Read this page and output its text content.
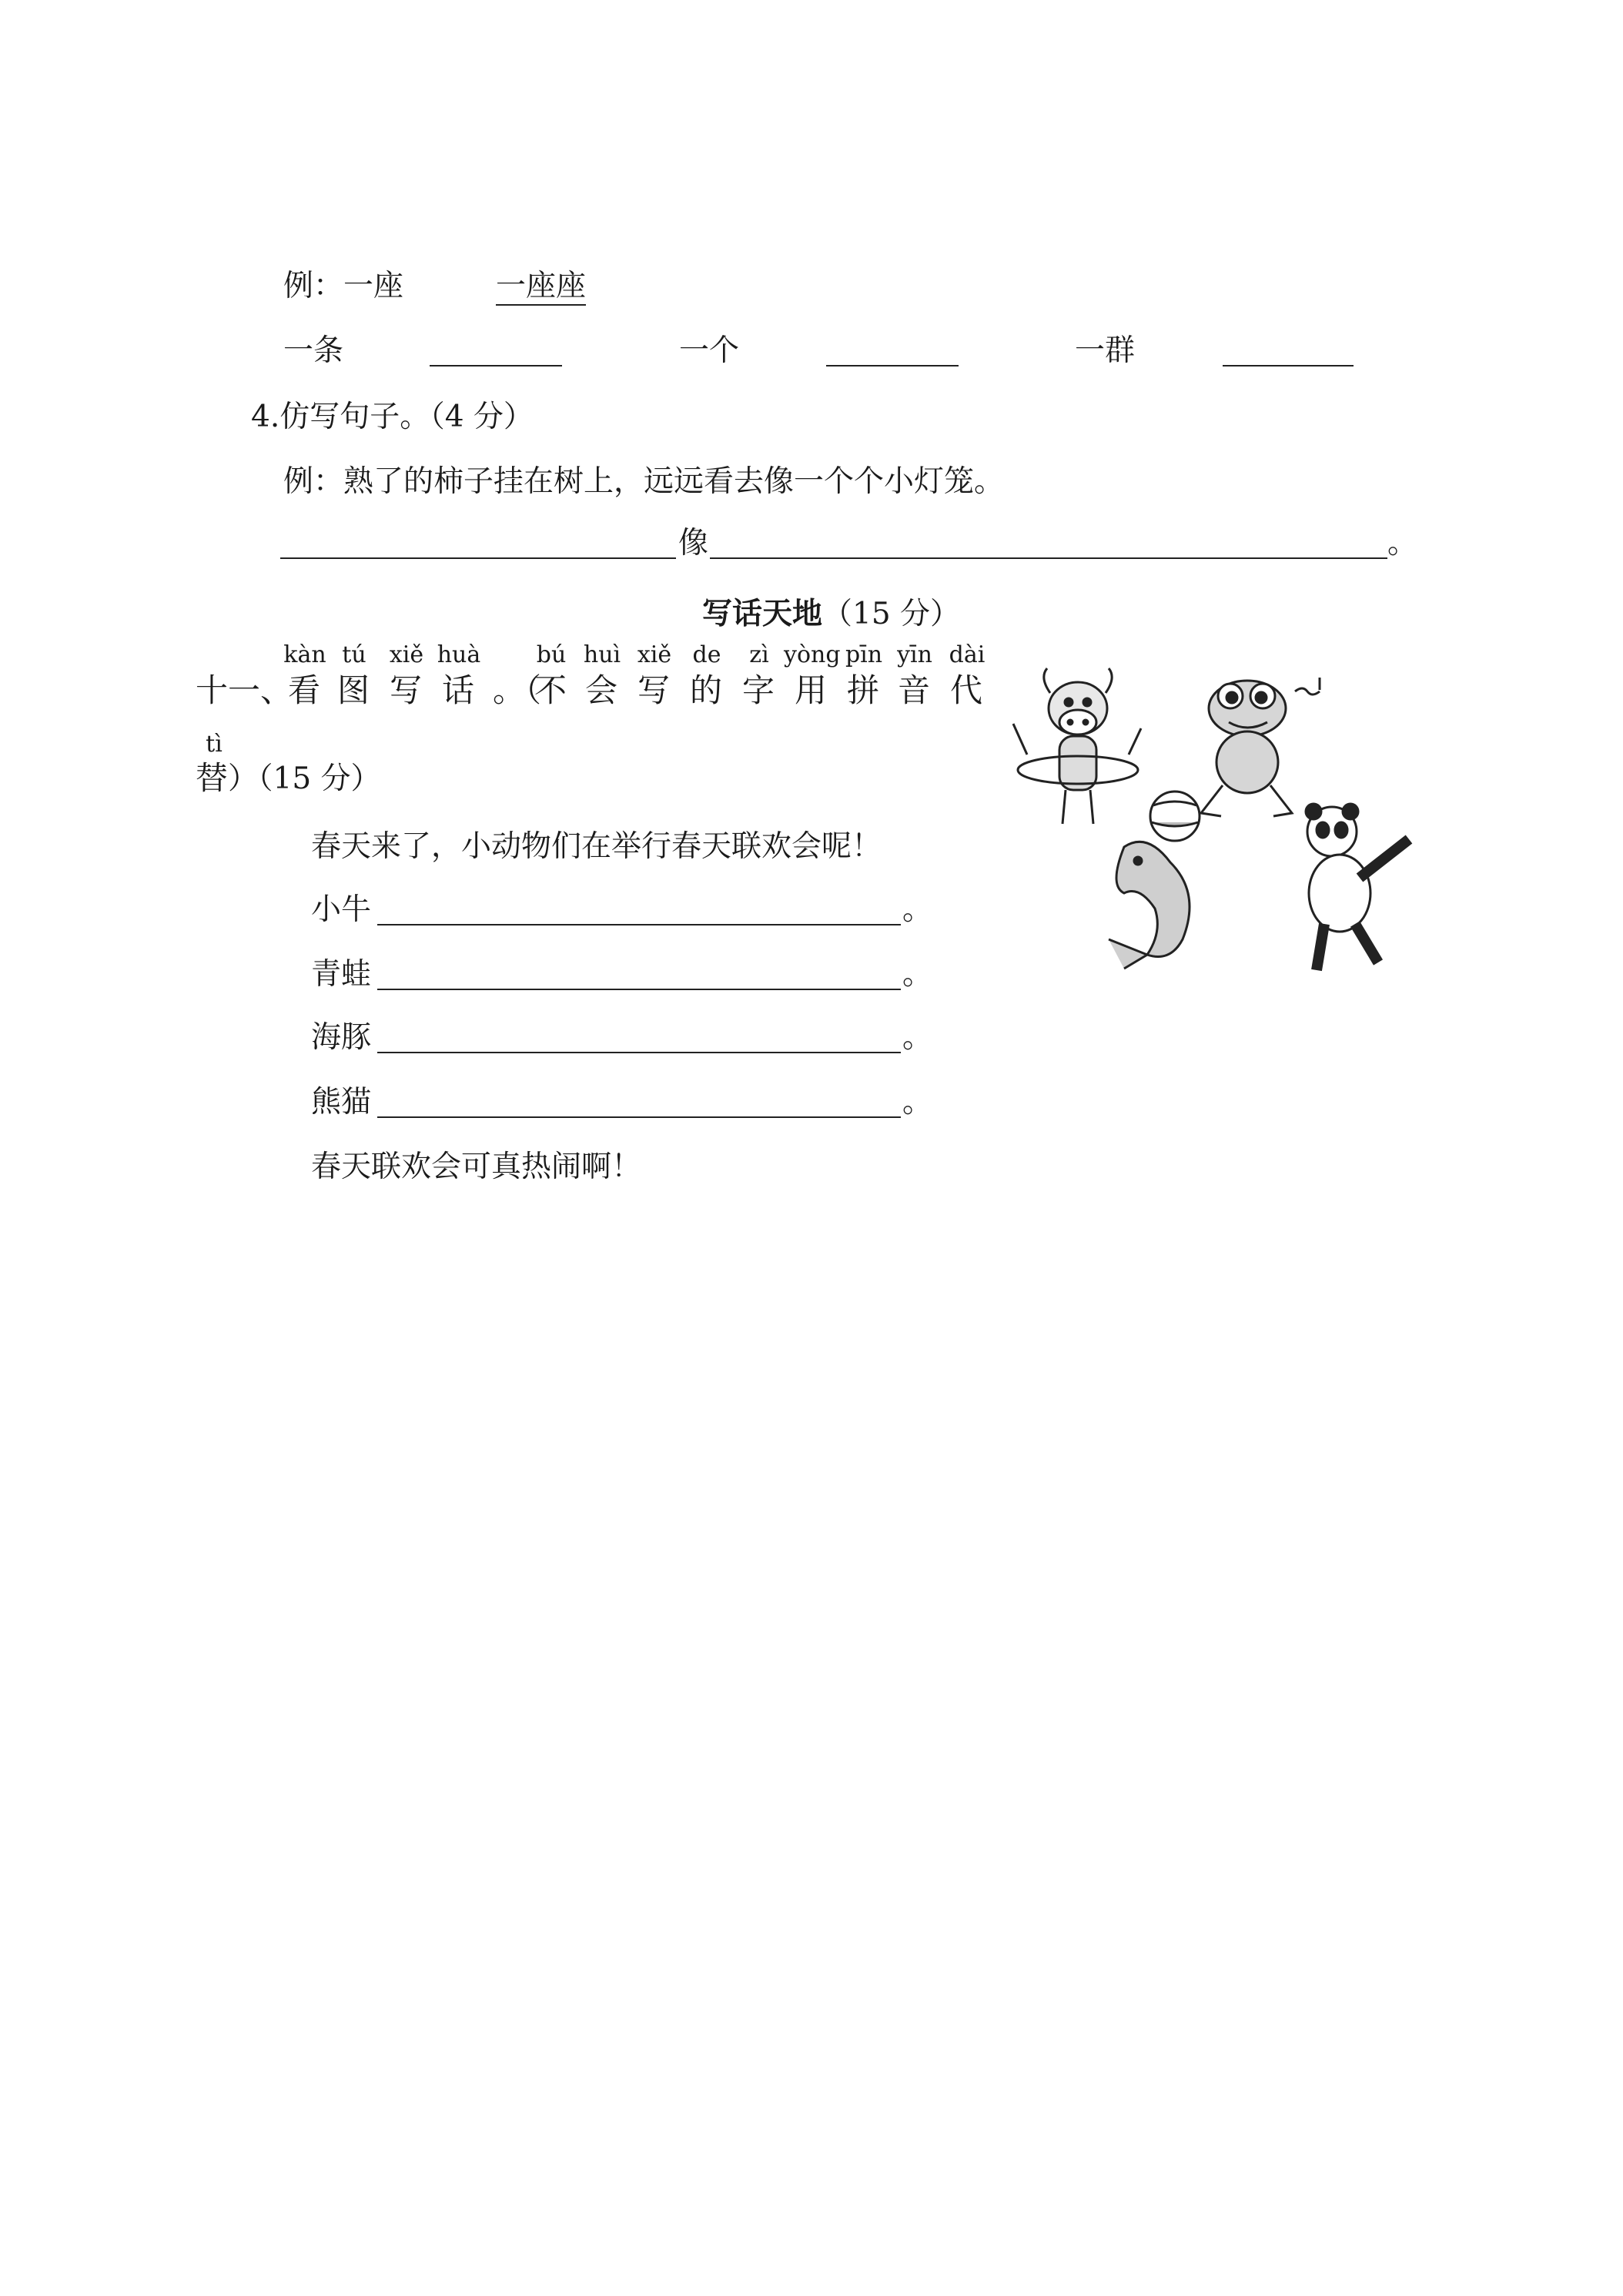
例：一座	一座座
一条	一个	一群
4.仿写句子。（4 分）
例：熟了的柿子挂在树上，远远看去像一个个小灯笼。
像	。
写话天地（15 分）
十一、
kàn
看
tú
图
xiě
写
huà
话 。（
bú
不
huì
会
xiě
写
de
的
zì
字
yòng
用
pīn
拼
yīn
音
dài
代
tì
替 ）（15 分）
春天来了，小动物们在举行春天联欢会呢！
小牛	。
青蛙	。
海豚	。
熊猫	。
春天联欢会可真热闹啊！
